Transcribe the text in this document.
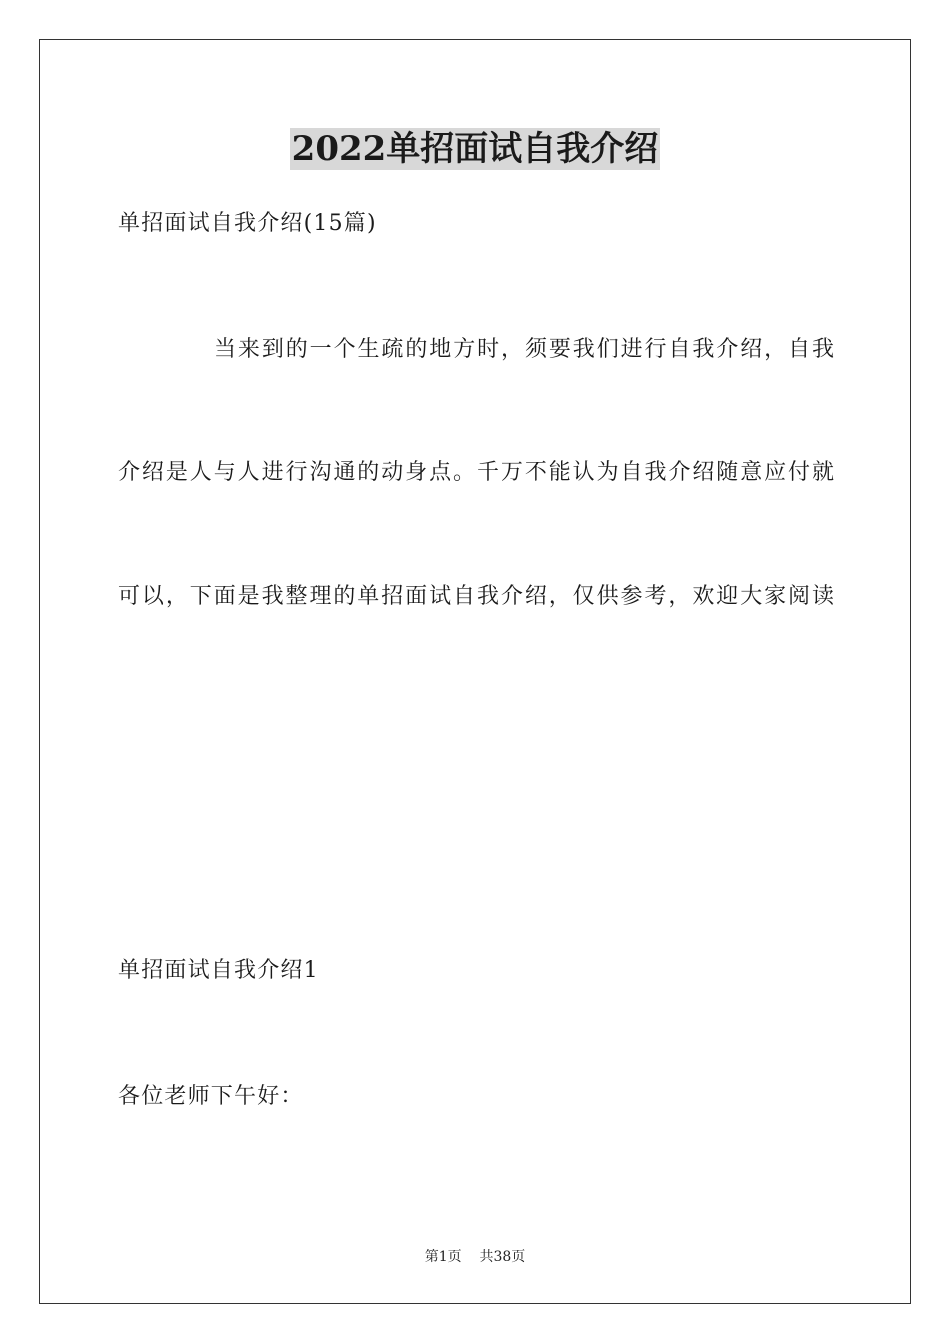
2022单招面试自我介绍
单招面试自我介绍(15篇)
当来到的一个生疏的地方时，须要我们进行自我介绍，自我
介绍是人与人进行沟通的动身点。千万不能认为自我介绍随意应付就
可以，下面是我整理的单招面试自我介绍，仅供参考，欢迎大家阅读
单招面试自我介绍1
各位老师下午好：
第1页    共38页
